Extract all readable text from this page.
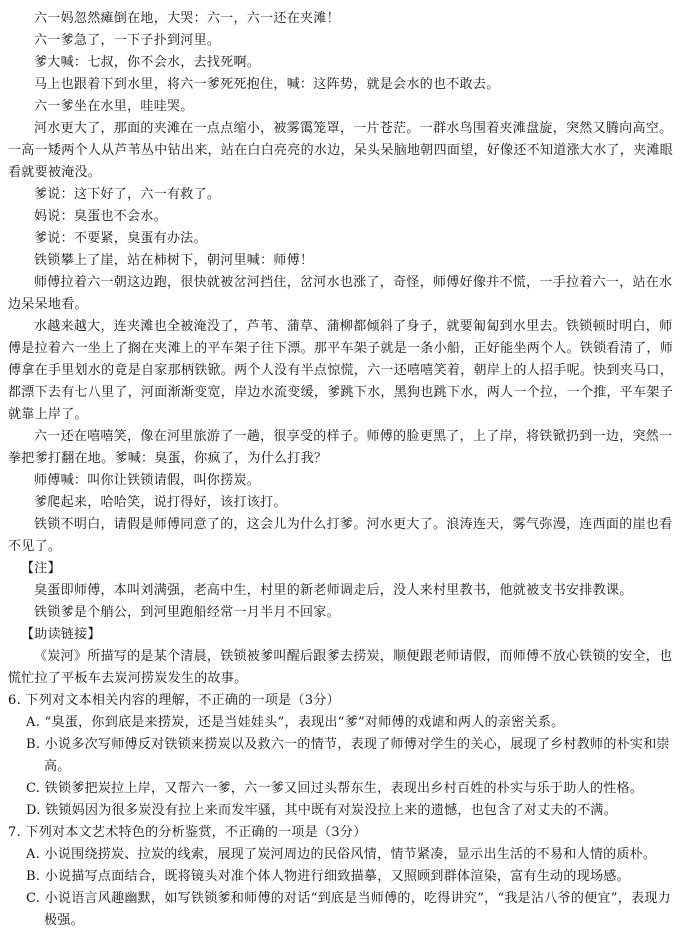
六一妈忽然瘫倒在地，大哭：六一，六一还在夹滩！

六一爹急了，一下子扑到河里。

爹大喊：七叔，你不会水，去找死啊。

马上也跟着下到水里，将六一爹死死抱住，喊：这阵势，就是会水的也不敢去。

六一爹坐在水里，哇哇哭。

河水更大了，那面的夹滩在一点点缩小，被雾霭笼罩，一片苍茫。一群水鸟围着夹滩盘旋，突然又腾向高空。一高一矮两个人从芦苇丛中钻出来，站在白白亮亮的水边，呆头呆脑地朝四面望，好像还不知道涨大水了，夹滩眼看就要被淹没。

爹说：这下好了，六一有救了。

妈说：臭蛋也不会水。

爹说：不要紧，臭蛋有办法。

铁锁攀上了崖，站在柿树下，朝河里喊：师傅！

师傅拉着六一朝这边跑，很快就被岔河挡住，岔河水也涨了，奇怪，师傅好像并不慌，一手拉着六一，站在水边呆呆地看。

水越来越大，连夹滩也全被淹没了，芦苇、蒲草、蒲柳都倾斜了身子，就要匍匐到水里去。铁锁顿时明白，师傅是拉着六一坐上了搁在夹滩上的平车架子往下漂。那平车架子就是一条小船，正好能坐两个人。铁锁看清了，师傅拿在手里划水的竟是自家那柄铁锨。两个人没有半点惊慌，六一还嘻嘻笑着，朝岸上的人招手呢。快到夹马口，都漂下去有七八里了，河面渐渐变宽，岸边水流变缓，爹跳下水，黑狗也跳下水，两人一个拉，一个推，平车架子就靠上岸了。

六一还在嘻嘻笑，像在河里旅游了一趟，很享受的样子。师傅的脸更黑了，上了岸，将铁锨扔到一边，突然一拳把爹打翻在地。爹喊：臭蛋，你疯了，为什么打我？

师傅喊：叫你让铁锁请假，叫你捞炭。

爹爬起来，哈哈笑，说打得好，该打该打。

铁锁不明白，请假是师傅同意了的，这会儿为什么打爹。河水更大了。浪涛连天，雾气弥漫，连西面的崖也看不见了。

【注】

臭蛋即师傅，本叫刘满强，老高中生，村里的新老师调走后，没人来村里教书，他就被支书安排教课。

铁锁爹是个艄公，到河里跑船经常一月半月不回家。

【助读链接】

《炭河》所描写的是某个清晨，铁锁被爹叫醒后跟爹去捞炭，顺便跟老师请假，而师傅不放心铁锁的安全，也慌忙拉了平板车去炭河捞炭发生的故事。

6. 下列对文本相关内容的理解，不正确的一项是（3分）

A. “臭蛋，你到底是来捞炭，还是当娃娃头”，表现出“爹”对师傅的戏谑和两人的亲密关系。

B. 小说多次写师傅反对铁锁来捞炭以及救六一的情节，表现了师傅对学生的关心，展现了乡村教师的朴实和崇高。

C. 铁锁爹把炭拉上岸，又帮六一爹，六一爹又回过头帮东生，表现出乡村百姓的朴实与乐于助人的性格。

D. 铁锁妈因为很多炭没有拉上来而发牢骚，其中既有对炭没拉上来的遗憾，也包含了对丈夫的不满。

7. 下列对本文艺术特色的分析鉴赏，不正确的一项是（3分）

A. 小说围绕捞炭、拉炭的线索，展现了炭河周边的民俗风情，情节紧凑，显示出生活的不易和人情的质朴。

B. 小说描写点面结合，既将镜头对准个体人物进行细致描摹，又照顾到群体渲染，富有生动的现场感。

C. 小说语言风趣幽默，如写铁锁爹和师傅的对话“到底是当师傅的，吃得讲究”，“我是沾八爷的便宜”，表现力极强。
